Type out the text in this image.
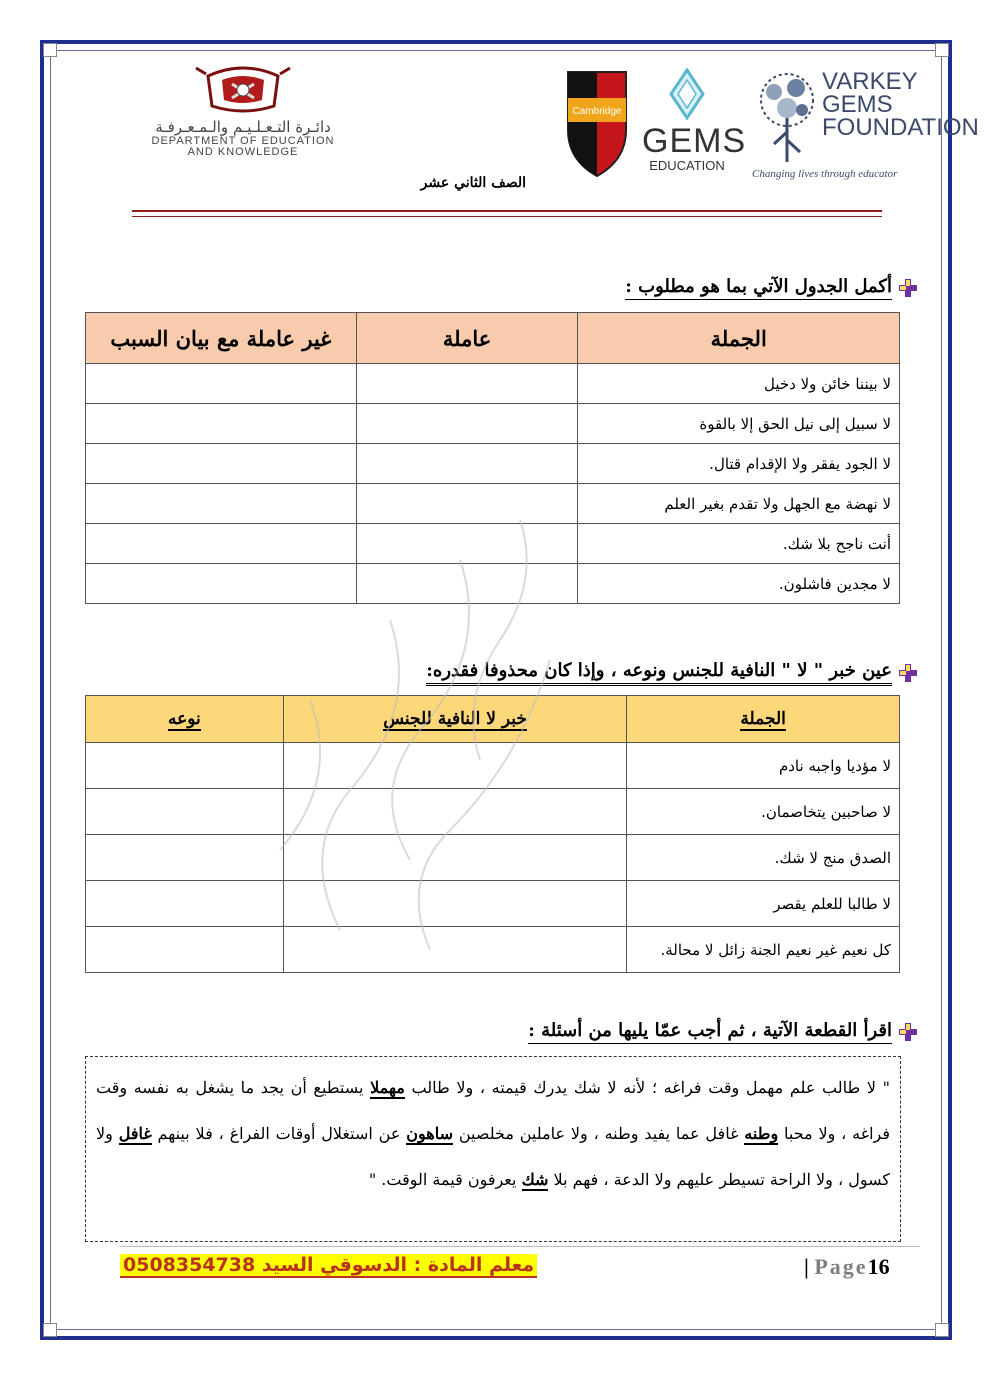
دائـرة التـعـلـيـم والـمـعـرفـة
DEPARTMENT OF EDUCATION
AND KNOWLEDGE
Cambridge
GEMS
EDUCATION
VARKEY
GEMS
FOUNDATION
Changing lives through educator
الصف الثاني عشر
أكمل الجدول الآتي بما هو مطلوب :
الجملة	عاملة	غير عاملة مع بيان السبب
لا بيننا خائن ولا دخيل		
لا سبيل إلى نيل الحق إلا بالقوة		
لا الجود يفقر ولا الإقدام قتال.		
لا نهضة مع الجهل ولا تقدم بغير العلم		
أنت ناجح بلا شك.		
لا مجدين فاشلون.		
عين خبر " لا " النافية للجنس ونوعه ، وإذا كان محذوفا فقدره:
الجملة	خبر لا النافية للجنس	نوعه
لا مؤديا واجبه نادم		
لا صاحبين يتخاصمان.		
الصدق منج لا شك.		
لا طالبا للعلم يقصر		
كل نعيم غير نعيم الجنة زائل لا محالة.		
اقرأ القطعة الآتية ، ثم أجب عمّا يليها من أسئلة :
" لا طالب علم مهمل وقت فراغه ؛ لأنه لا شك يدرك قيمته ، ولا طالب مهملا يستطيع أن يجد ما يشغل به نفسه وقت فراغه ، ولا محبا وطنه غافل عما يفيد وطنه ، ولا عاملين مخلصين ساهون عن استغلال أوقات الفراغ ، فلا بينهم غافل ولا كسول ، ولا الراحة تسيطر عليهم ولا الدعة ، فهم بلا شك يعرفون قيمة الوقت. "
معلم المادة : الدسوقي السيد 0508354738	| Page16
